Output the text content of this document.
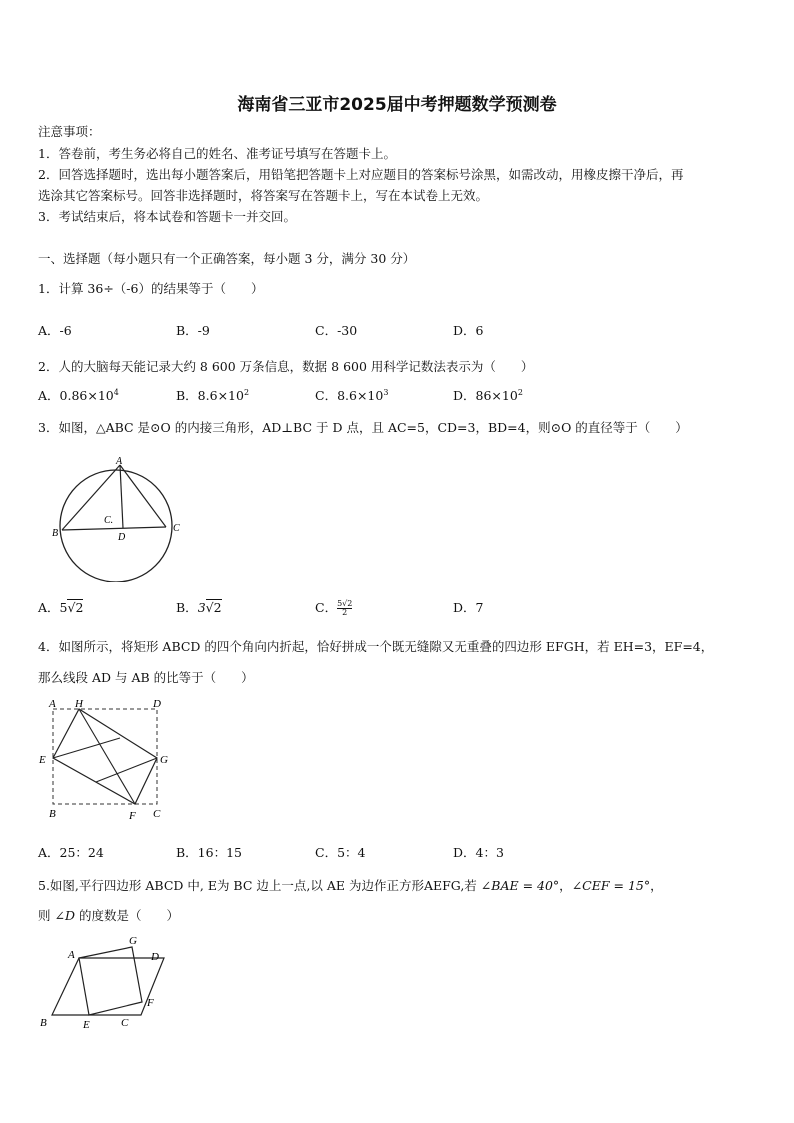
海南省三亚市2025届中考押题数学预测卷
注意事项：
1．答卷前，考生务必将自己的姓名、准考证号填写在答题卡上。
2．回答选择题时，选出每小题答案后，用铅笔把答题卡上对应题目的答案标号涂黑，如需改动，用橡皮擦干净后，再
选涂其它答案标号。回答非选择题时，将答案写在答题卡上，写在本试卷上无效。
3．考试结束后，将本试卷和答题卡一并交回。
一、选择题（每小题只有一个正确答案，每小题 3 分，满分 30 分）
1．计算 36÷（-6）的结果等于（　　）
A．-6	B．-9	C．-30	D．6
2．人的大脑每天能记录大约 8 600 万条信息，数据 8 600 用科学记数法表示为（　　）
A．$0.86\times 10^4$	B．$8.6\times 10^2$	C．$8.6\times 10^3$	D．$86\times 10^2$
3．如图，△ABC 是⊙O 的内接三角形，AD⊥BC 于 D 点，且 AC=5，CD=3，BD=4，则⊙O 的直径等于（　　）
A
B	C
D
C.
A．5√2	B．3√2	C． $\frac{5√2}{2}$	D．7
4．如图所示，将矩形 ABCD 的四个角向内折起，恰好拼成一个既无缝隙又无重叠的四边形 EFGH，若 EH=3，EF=4，
那么线段 AD 与 AB 的比等于（　　）
A H	D
E	G
B	F C
A．25：24	B．16：15	C．5：4	D．4：3
5.如图,平行四边形 ABCD 中, E为 BC 边上一点,以 AE 为边作正方形AEFG,若 ∠BAE = 40°，∠CEF = 15°，
则 ∠D 的度数是（　　）
A
G
D
F
B	E	C
